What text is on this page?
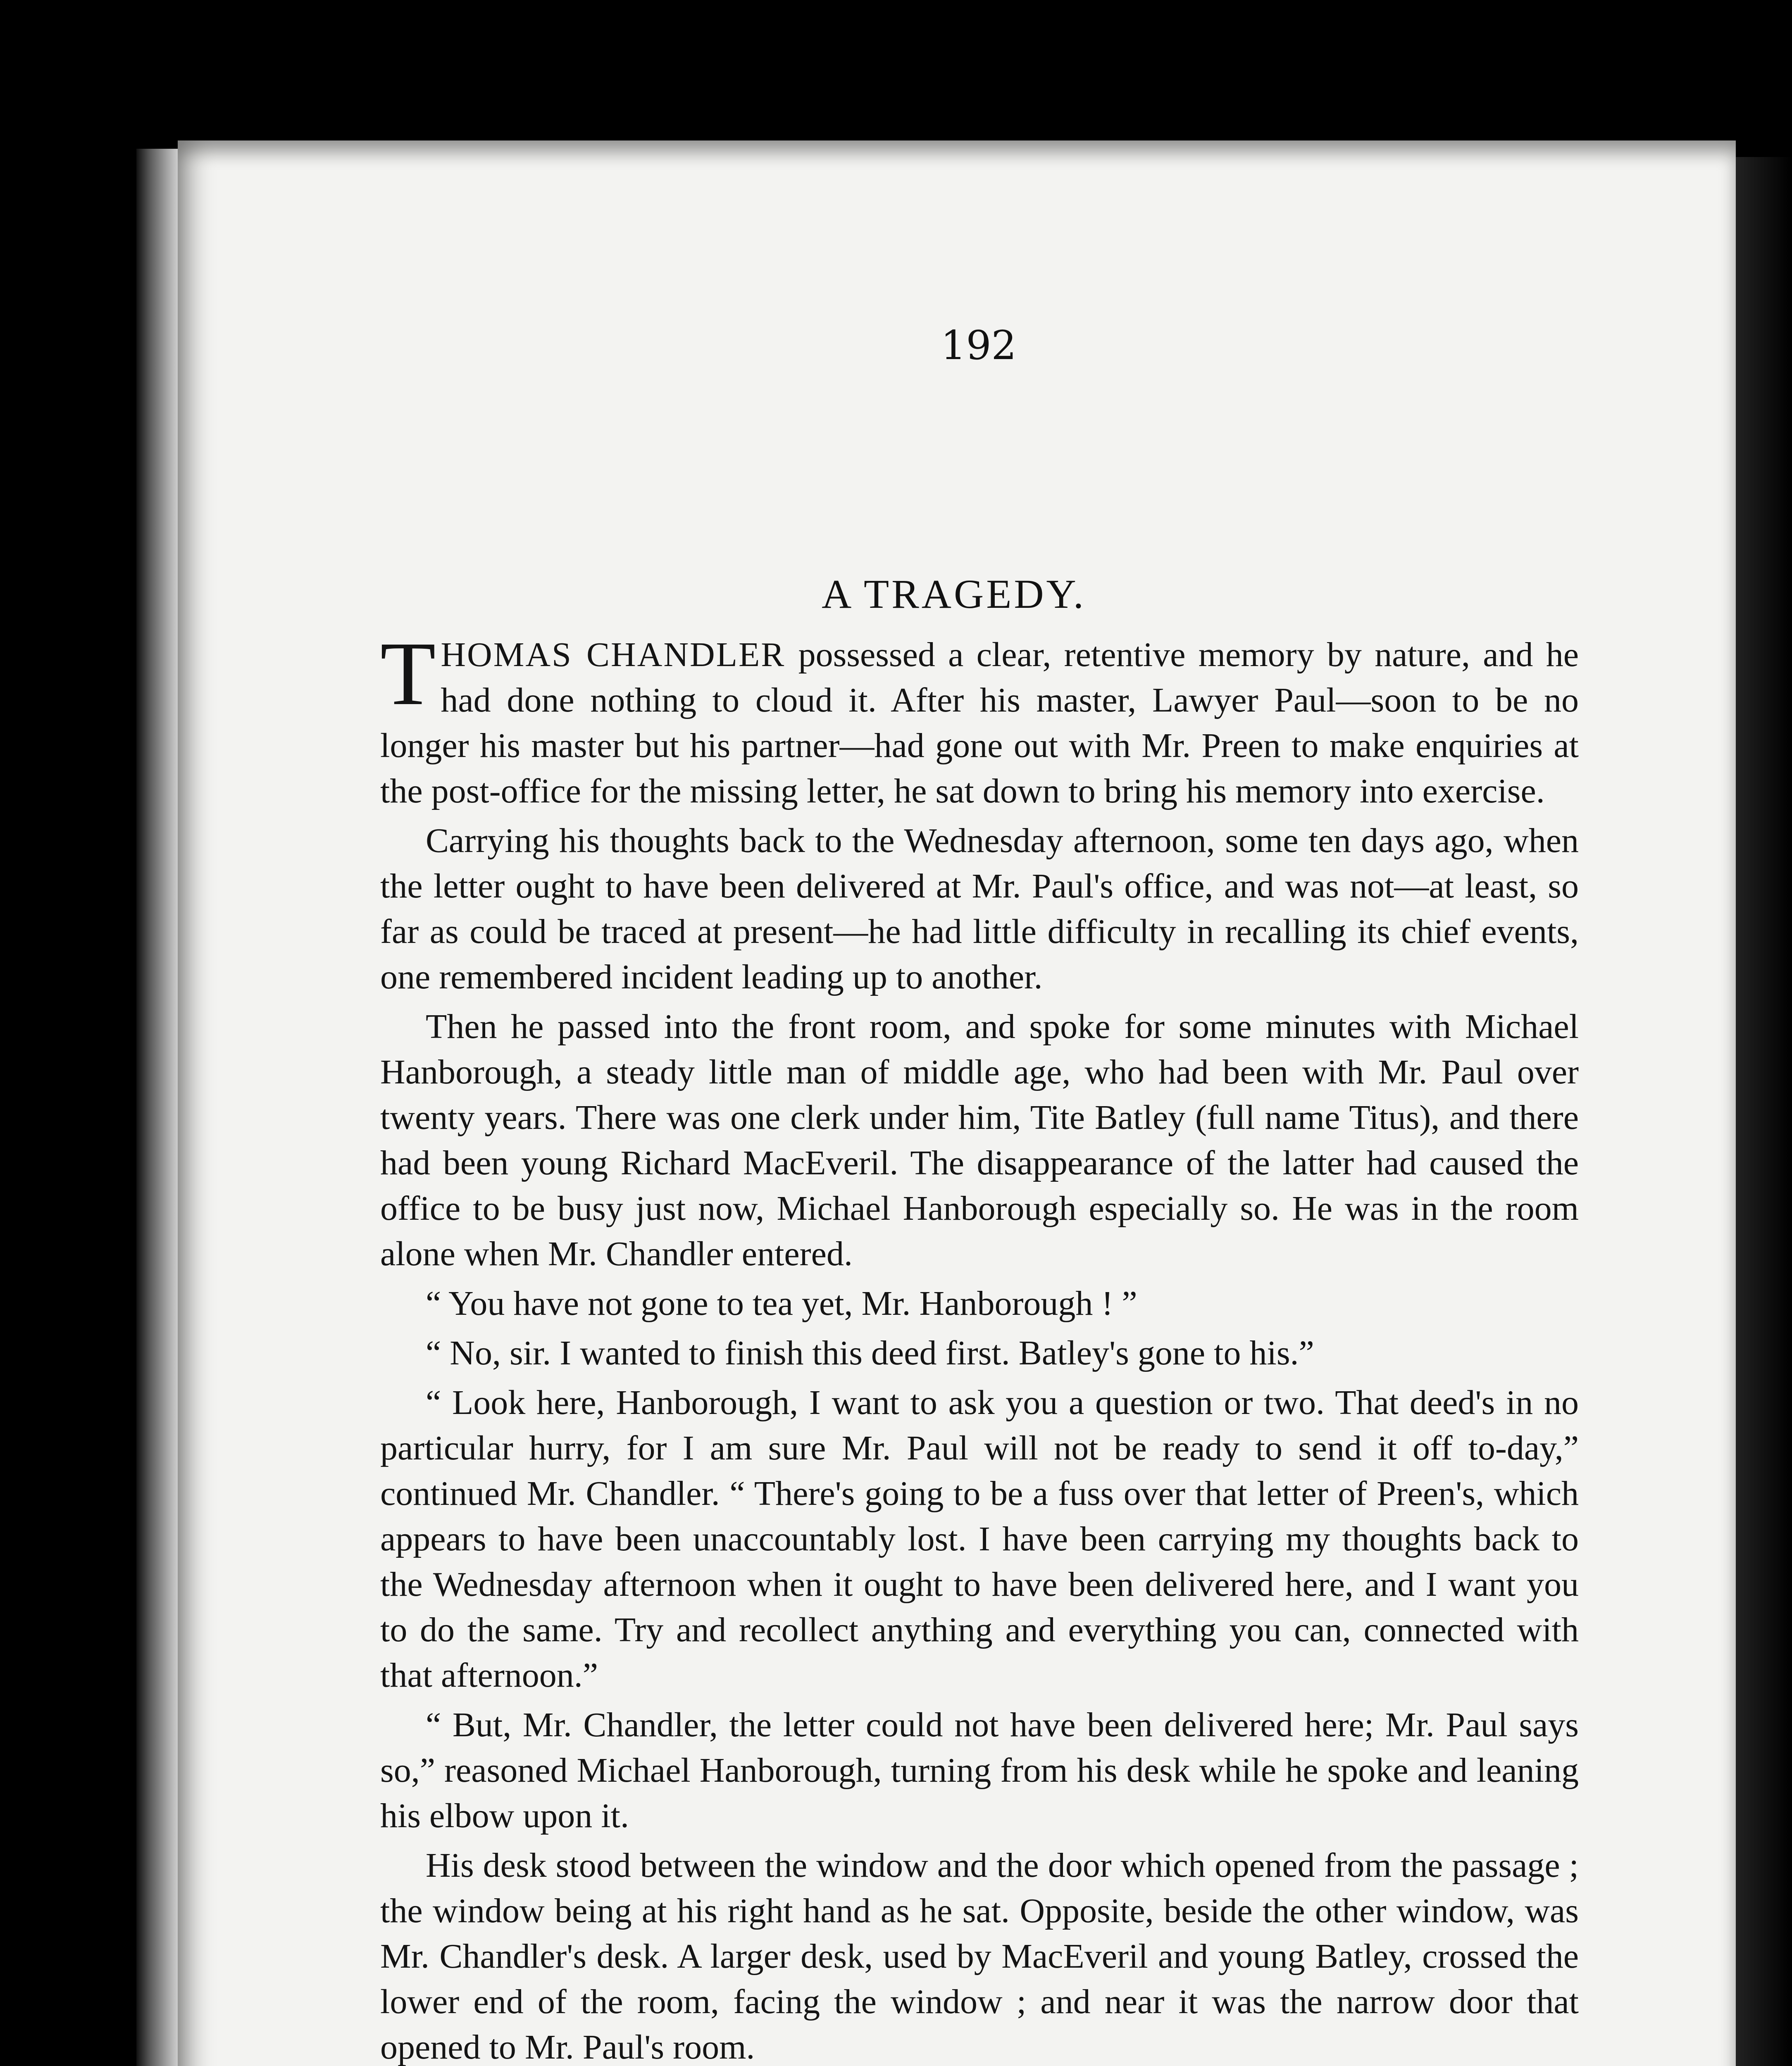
192
A TRAGEDY.

THOMAS CHANDLER possessed a clear, retentive memory by nature, and he had done nothing to cloud it. After his master, Lawyer Paul—soon to be no longer his master but his partner—had gone out with Mr. Preen to make enquiries at the post-office for the missing letter, he sat down to bring his memory into exercise.

Carrying his thoughts back to the Wednesday afternoon, some ten days ago, when the letter ought to have been delivered at Mr. Paul's office, and was not—at least, so far as could be traced at present—he had little difficulty in recalling its chief events, one remembered incident leading up to another.

Then he passed into the front room, and spoke for some minutes with Michael Hanborough, a steady little man of middle age, who had been with Mr. Paul over twenty years. There was one clerk under him, Tite Batley (full name Titus), and there had been young Richard MacEveril. The disappearance of the latter had caused the office to be busy just now, Michael Hanborough especially so. He was in the room alone when Mr. Chandler entered.

“ You have not gone to tea yet, Mr. Hanborough ! ”

“ No, sir. I wanted to finish this deed first. Batley's gone to his.”

“ Look here, Hanborough, I want to ask you a question or two. That deed's in no particular hurry, for I am sure Mr. Paul will not be ready to send it off to-day,” continued Mr. Chandler. “ There's going to be a fuss over that letter of Preen's, which appears to have been unaccountably lost. I have been carrying my thoughts back to the Wednesday afternoon when it ought to have been delivered here, and I want you to do the same. Try and recollect anything and everything you can, connected with that afternoon.”

“ But, Mr. Chandler, the letter could not have been delivered here; Mr. Paul says so,” reasoned Michael Hanborough, turning from his desk while he spoke and leaning his elbow upon it.

His desk stood between the window and the door which opened from the passage ; the window being at his right hand as he sat. Opposite, beside the other window, was Mr. Chandler's desk. A larger desk, used by MacEveril and young Batley, crossed the lower end of the room, facing the window ; and near it was the narrow door that opened to Mr. Paul's room.
